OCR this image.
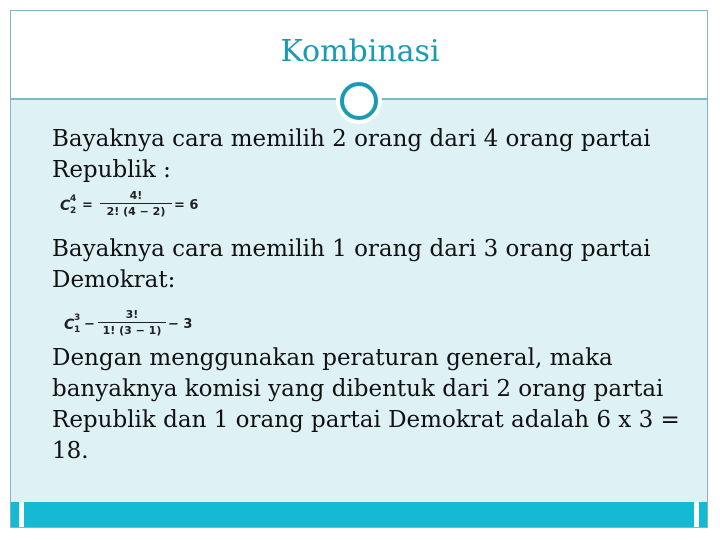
Kombinasi

Bayaknya cara memilih 2 orang dari 4 orang partai Republik :

C 4
$2 = \frac{4!}{2! (4 - 2)} = 6$

Bayaknya cara memilih 1 orang dari 3 orang partai Demokrat:

C 3
$1 - \frac{3!}{1! (3 - 1)} - 3$

Dengan menggunakan peraturan general, maka banyaknya komisi yang dibentuk dari 2 orang partai Republik dan 1 orang partai Demokrat adalah 6 x 3 = 18.
